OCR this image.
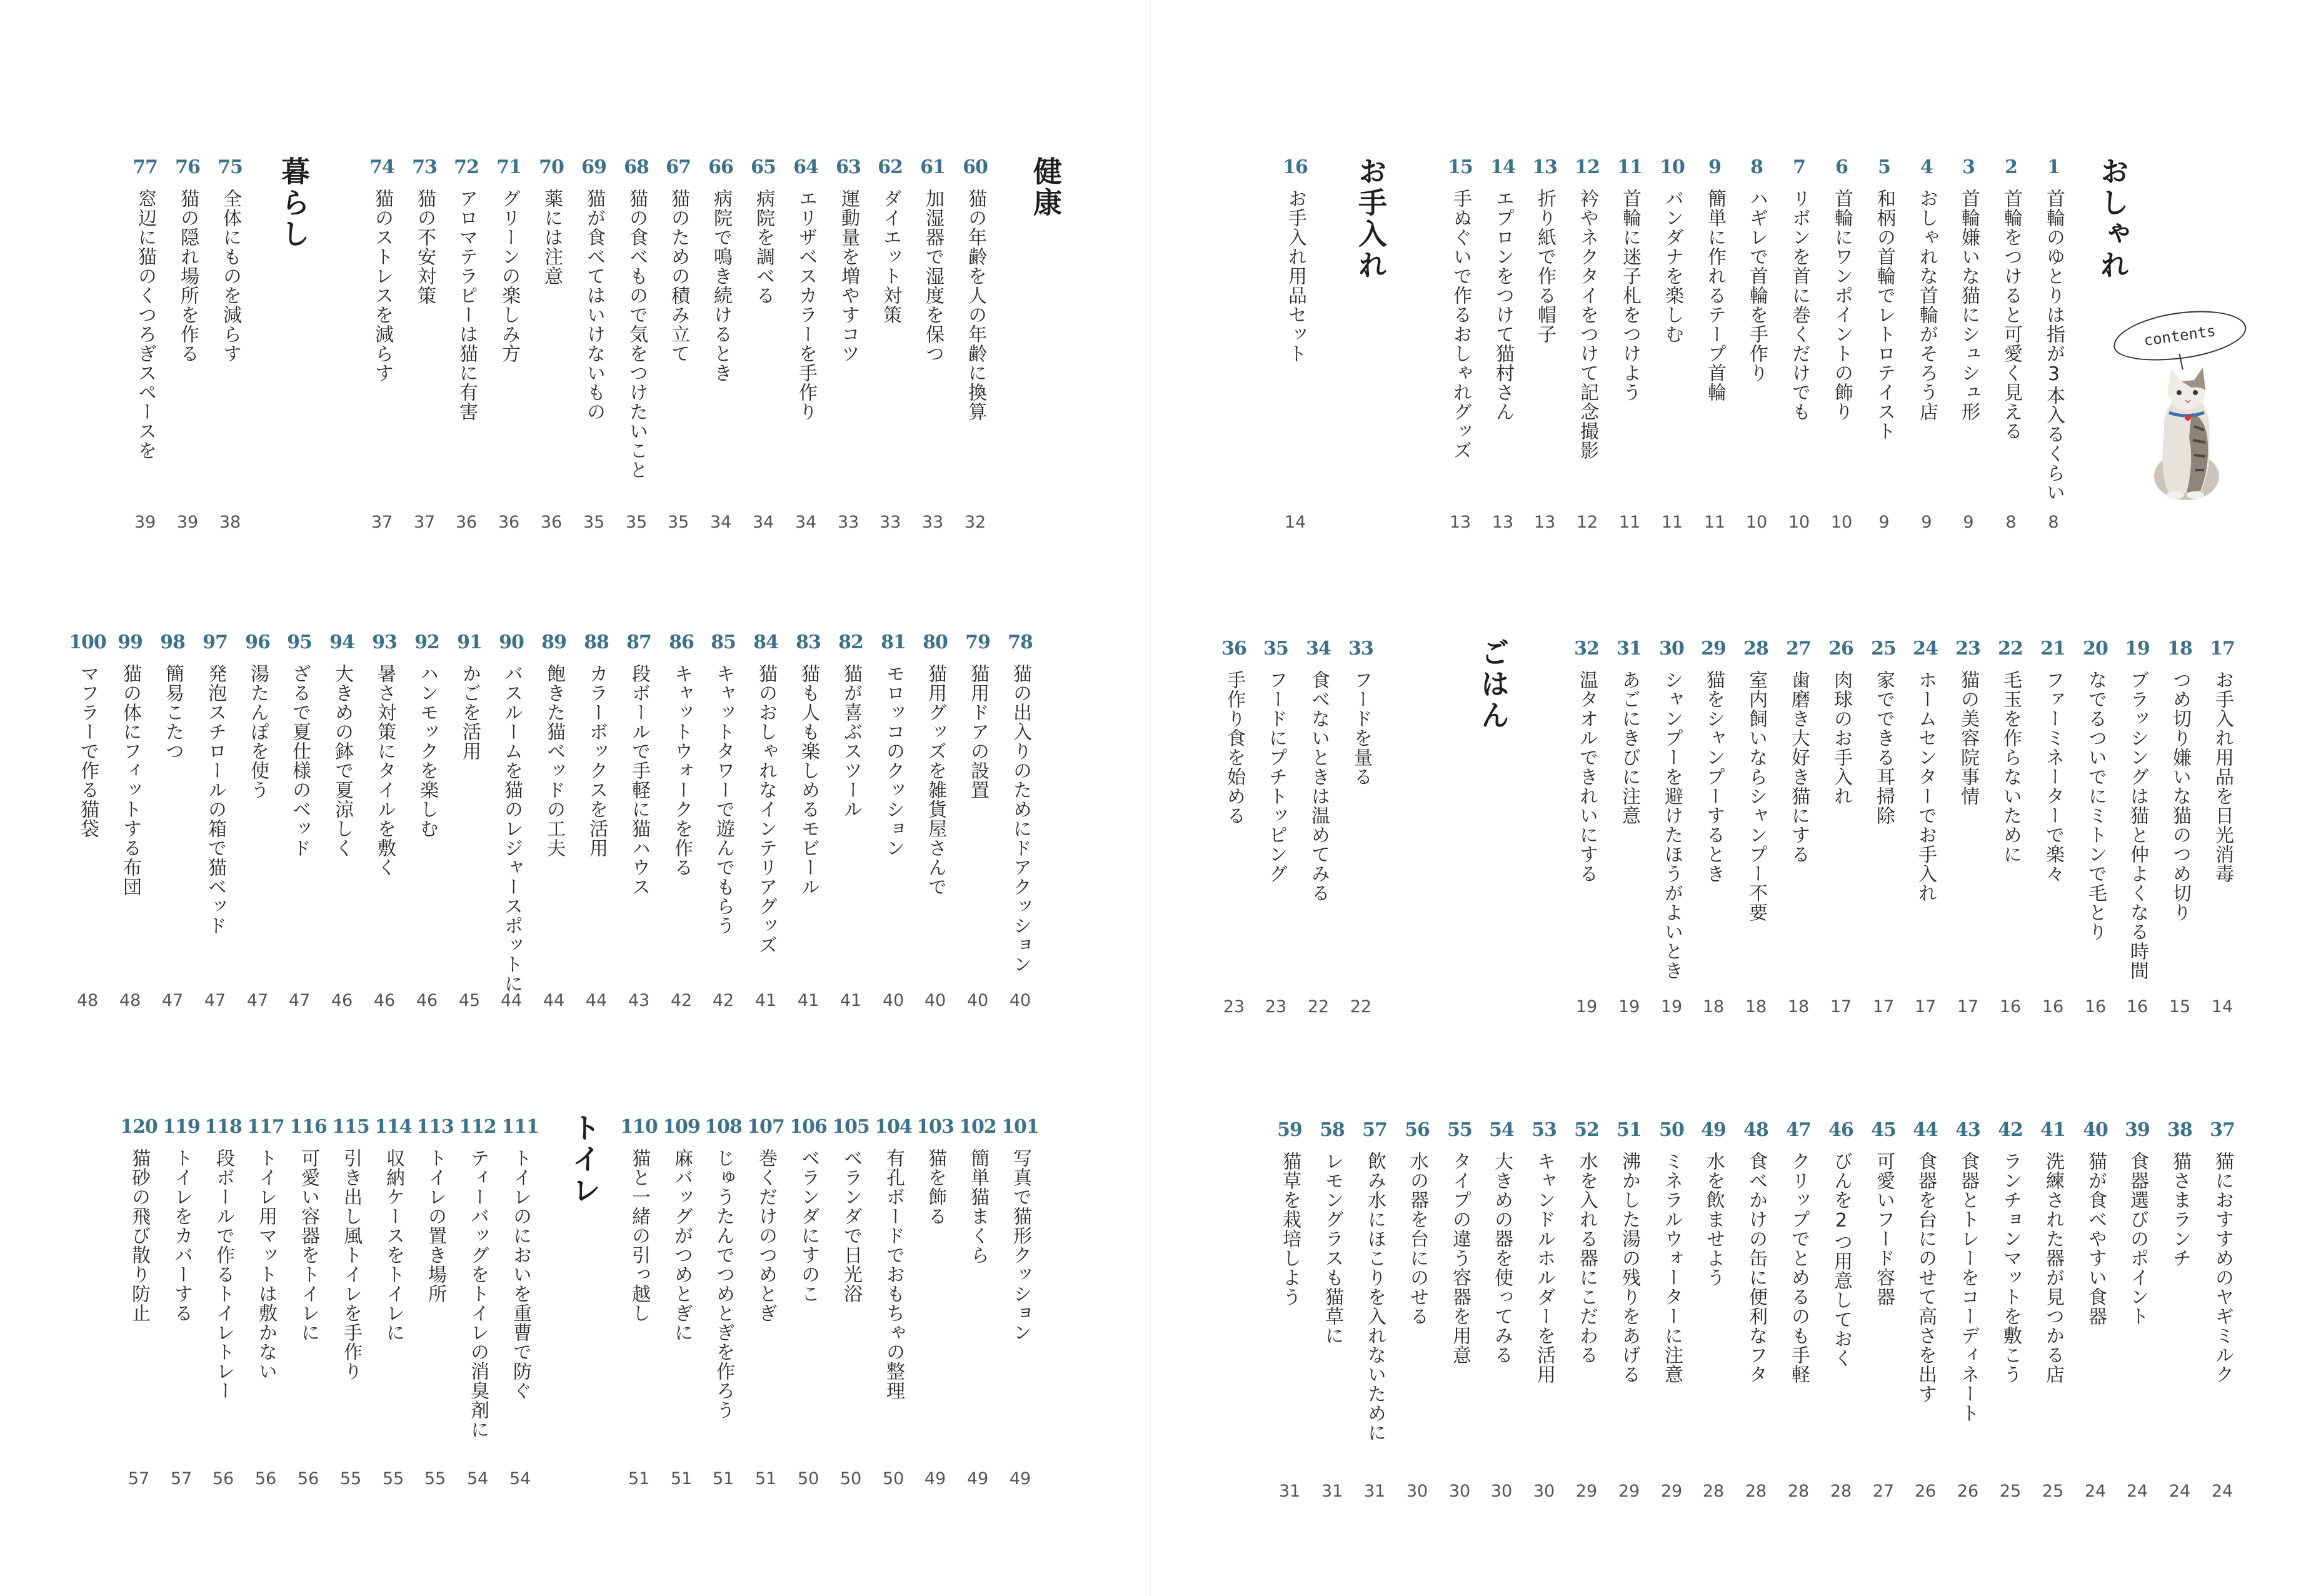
おしゃれ
お手入れ
ごはん
健康
暮らし
トイレ
contents
1
首輪のゆとりは指が3本入るくらい
8
2
首輪をつけると可愛く見える
8
3
首輪嫌いな猫にシュシュ形
9
4
おしゃれな首輪がそろう店
9
5
和柄の首輪でレトロテイスト
9
6
首輪にワンポイントの飾り
10
7
リボンを首に巻くだけでも
10
8
ハギレで首輪を手作り
10
9
簡単に作れるテープ首輪
11
10
バンダナを楽しむ
11
11
首輪に迷子札をつけよう
11
12
衿やネクタイをつけて記念撮影
12
13
折り紙で作る帽子
13
14
エプロンをつけて猫村さん
13
15
手ぬぐいで作るおしゃれグッズ
13
16
お手入れ用品セット
14
17
お手入れ用品を日光消毒
14
18
つめ切り嫌いな猫のつめ切り
15
19
ブラッシングは猫と仲よくなる時間
16
20
なでるついでにミトンで毛とり
16
21
ファーミネーターで楽々
16
22
毛玉を作らないために
16
23
猫の美容院事情
17
24
ホームセンターでお手入れ
17
25
家でできる耳掃除
17
26
肉球のお手入れ
17
27
歯磨き大好き猫にする
18
28
室内飼いならシャンプー不要
18
29
猫をシャンプーするとき
18
30
シャンプーを避けたほうがよいとき
19
31
あごにきびに注意
19
32
温タオルできれいにする
19
33
フードを量る
22
34
食べないときは温めてみる
22
35
フードにプチトッピング
23
36
手作り食を始める
23
37
猫におすすめのヤギミルク
24
38
猫さまランチ
24
39
食器選びのポイント
24
40
猫が食べやすい食器
24
41
洗練された器が見つかる店
25
42
ランチョンマットを敷こう
25
43
食器とトレーをコーディネート
26
44
食器を台にのせて高さを出す
26
45
可愛いフード容器
27
46
びんを2つ用意しておく
28
47
クリップでとめるのも手軽
28
48
食べかけの缶に便利なフタ
28
49
水を飲ませよう
28
50
ミネラルウォーターに注意
29
51
沸かした湯の残りをあげる
29
52
水を入れる器にこだわる
29
53
キャンドルホルダーを活用
30
54
大きめの器を使ってみる
30
55
タイプの違う容器を用意
30
56
水の器を台にのせる
30
57
飲み水にほこりを入れないために
31
58
レモングラスも猫草に
31
59
猫草を栽培しよう
31
60
猫の年齢を人の年齢に換算
32
61
加湿器で湿度を保つ
33
62
ダイエット対策
33
63
運動量を増やすコツ
33
64
エリザベスカラーを手作り
34
65
病院を調べる
34
66
病院で鳴き続けるとき
34
67
猫のための積み立て
35
68
猫の食べもので気をつけたいこと
35
69
猫が食べてはいけないもの
35
70
薬には注意
36
71
グリーンの楽しみ方
36
72
アロマテラピーは猫に有害
36
73
猫の不安対策
37
74
猫のストレスを減らす
37
75
全体にものを減らす
38
76
猫の隠れ場所を作る
39
77
窓辺に猫のくつろぎスペースを
39
78
猫の出入りのためにドアクッション
40
79
猫用ドアの設置
40
80
猫用グッズを雑貨屋さんで
40
81
モロッコのクッション
40
82
猫が喜ぶスツール
41
83
猫も人も楽しめるモビール
41
84
猫のおしゃれなインテリアグッズ
41
85
キャットタワーで遊んでもらう
42
86
キャットウォークを作る
42
87
段ボールで手軽に猫ハウス
43
88
カラーボックスを活用
44
89
飽きた猫ベッドの工夫
44
90
バスルームを猫のレジャースポットに
44
91
かごを活用
45
92
ハンモックを楽しむ
46
93
暑さ対策にタイルを敷く
46
94
大きめの鉢で夏涼しく
46
95
ざるで夏仕様のベッド
47
96
湯たんぽを使う
47
97
発泡スチロールの箱で猫ベッド
47
98
簡易こたつ
47
99
猫の体にフィットする布団
48
100
マフラーで作る猫袋
48
101
写真で猫形クッション
49
102
簡単猫まくら
49
103
猫を飾る
49
104
有孔ボードでおもちゃの整理
50
105
ベランダで日光浴
50
106
ベランダにすのこ
50
107
巻くだけのつめとぎ
51
108
じゅうたんでつめとぎを作ろう
51
109
麻バッグがつめとぎに
51
110
猫と一緒の引っ越し
51
111
トイレのにおいを重曹で防ぐ
54
112
ティーバッグをトイレの消臭剤に
54
113
トイレの置き場所
55
114
収納ケースをトイレに
55
115
引き出し風トイレを手作り
55
116
可愛い容器をトイレに
56
117
トイレ用マットは敷かない
56
118
段ボールで作るトイレトレー
56
119
トイレをカバーする
57
120
猫砂の飛び散り防止
57
